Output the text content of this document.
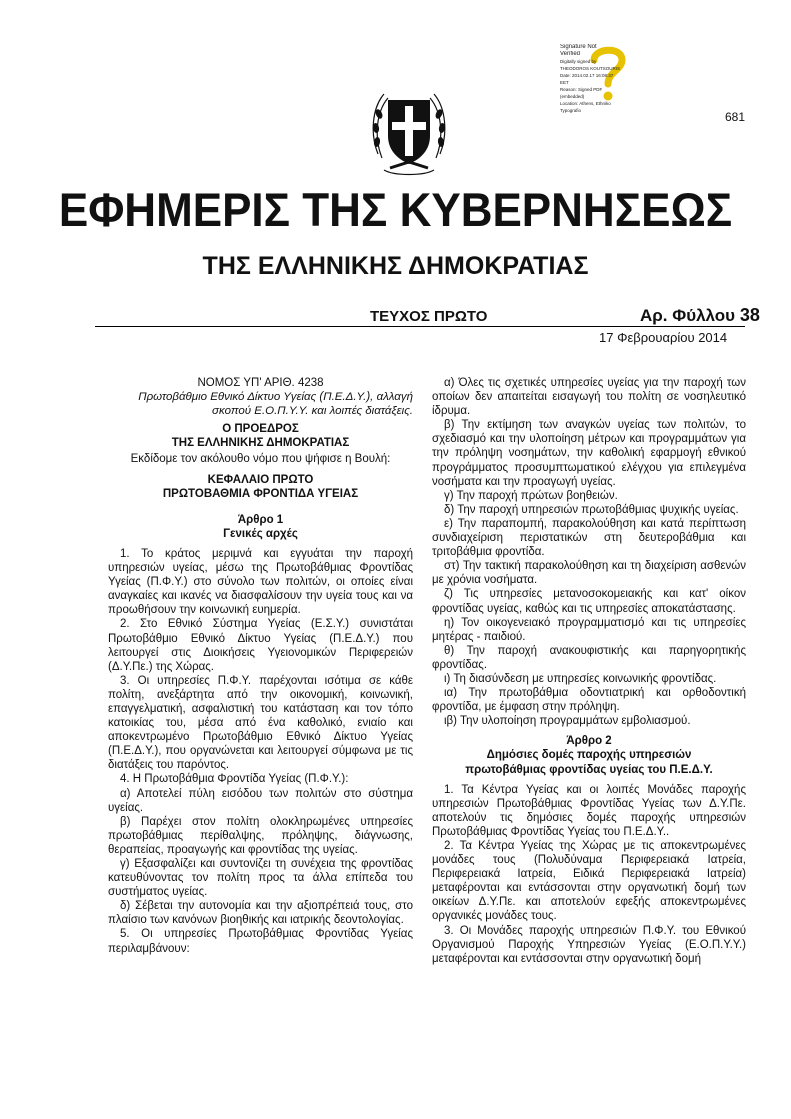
Signature Not
Verified
Digitally signed by
THEODOROS KOUTSOURIS
Date: 2014.02.17 16:08:37
EET
Reason: Signed PDF
(embedded)
Location: Athens, Ethniko
Typografio	681
ΕΦΗΜΕΡΙΣ ΤΗΣ ΚΥΒΕΡΝΗΣΕΩΣ
ΤΗΣ ΕΛΛΗΝΙΚΗΣ ΔΗΜΟΚΡΑΤΙΑΣ
ΤΕΥΧΟΣ ΠΡΩΤΟ	Αρ. Φύλλου 38
17 Φεβρουαρίου 2014

ΝΟΜΟΣ ΥΠ' ΑΡΙΘ. 4238

Πρωτοβάθμιο Εθνικό Δίκτυο Υγείας (Π.Ε.Δ.Υ.), αλλαγή σκοπού Ε.Ο.Π.Υ.Υ. και λοιπές διατάξεις.

Ο ΠΡΟΕΔΡΟΣ

ΤΗΣ ΕΛΛΗΝΙΚΗΣ ΔΗΜΟΚΡΑΤΙΑΣ

Εκδίδομε τον ακόλουθο νόμο που ψήφισε η Βουλή:

ΚΕΦΑΛΑΙΟ ΠΡΩΤΟ

ΠΡΩΤΟΒΑΘΜΙΑ ΦΡΟΝΤΙΔΑ ΥΓΕΙΑΣ

Άρθρο 1

Γενικές αρχές

1. Το κράτος μεριμνά και εγγυάται την παροχή υπηρεσιών υγείας, μέσω της Πρωτοβάθμιας Φροντίδας Υγείας (Π.Φ.Υ.) στο σύνολο των πολιτών, οι οποίες είναι αναγκαίες και ικανές να διασφαλίσουν την υγεία τους και να προωθήσουν την κοινωνική ευημερία.

2. Στο Εθνικό Σύστημα Υγείας (Ε.Σ.Υ.) συνιστάται Πρωτοβάθμιο Εθνικό Δίκτυο Υγείας (Π.Ε.Δ.Υ.) που λειτουργεί στις Διοικήσεις Υγειονομικών Περιφερειών (Δ.Υ.Πε.) της Χώρας.

3. Οι υπηρεσίες Π.Φ.Υ. παρέχονται ισότιμα σε κάθε πολίτη, ανεξάρτητα από την οικονομική, κοινωνική, επαγγελματική, ασφαλιστική του κατάσταση και τον τόπο κατοικίας του, μέσα από ένα καθολικό, ενιαίο και αποκεντρωμένο Πρωτοβάθμιο Εθνικό Δίκτυο Υγείας (Π.Ε.Δ.Υ.), που οργανώνεται και λειτουργεί σύμφωνα με τις διατάξεις του παρόντος.

4. Η Πρωτοβάθμια Φροντίδα Υγείας (Π.Φ.Υ.):

α) Αποτελεί πύλη εισόδου των πολιτών στο σύστημα υγείας.

β) Παρέχει στον πολίτη ολοκληρωμένες υπηρεσίες πρωτοβάθμιας περίθαλψης, πρόληψης, διάγνωσης, θεραπείας, προαγωγής και φροντίδας της υγείας.

γ) Εξασφαλίζει και συντονίζει τη συνέχεια της φροντίδας κατευθύνοντας τον πολίτη προς τα άλλα επίπεδα του συστήματος υγείας.

δ) Σέβεται την αυτονομία και την αξιοπρέπειά τους, στο πλαίσιο των κανόνων βιοηθικής και ιατρικής δεοντολογίας.

5. Οι υπηρεσίες Πρωτοβάθμιας Φροντίδας Υγείας περιλαμβάνουν:

α) Όλες τις σχετικές υπηρεσίες υγείας για την παροχή των οποίων δεν απαιτείται εισαγωγή του πολίτη σε νοσηλευτικό ίδρυμα.

β) Την εκτίμηση των αναγκών υγείας των πολιτών, το σχεδιασμό και την υλοποίηση μέτρων και προγραμμάτων για την πρόληψη νοσημάτων, την καθολική εφαρμογή εθνικού προγράμματος προσυμπτωματικού ελέγχου για επιλεγμένα νοσήματα και την προαγωγή υγείας.

γ) Την παροχή πρώτων βοηθειών.

δ) Την παροχή υπηρεσιών πρωτοβάθμιας ψυχικής υγείας.

ε) Την παραπομπή, παρακολούθηση και κατά περίπτωση συνδιαχείριση περιστατικών στη δευτεροβάθμια και τριτοβάθμια φροντίδα.

στ) Την τακτική παρακολούθηση και τη διαχείριση ασθενών με χρόνια νοσήματα.

ζ) Τις υπηρεσίες μετανοσοκομειακής και κατ' οίκον φροντίδας υγείας, καθώς και τις υπηρεσίες αποκατάστασης.

η) Τον οικογενειακό προγραμματισμό και τις υπηρεσίες μητέρας - παιδιού.

θ) Την παροχή ανακουφιστικής και παρηγορητικής φροντίδας.

ι) Τη διασύνδεση με υπηρεσίες κοινωνικής φροντίδας.

ια) Την πρωτοβάθμια οδοντιατρική και ορθοδοντική φροντίδα, με έμφαση στην πρόληψη.

ιβ) Την υλοποίηση προγραμμάτων εμβολιασμού.

Άρθρο 2

Δημόσιες δομές παροχής υπηρεσιών πρωτοβάθμιας φροντίδας υγείας του Π.Ε.Δ.Υ.

1. Τα Κέντρα Υγείας και οι λοιπές Μονάδες παροχής υπηρεσιών Πρωτοβάθμιας Φροντίδας Υγείας των Δ.Υ.Πε. αποτελούν τις δημόσιες δομές παροχής υπηρεσιών Πρωτοβάθμιας Φροντίδας Υγείας του Π.Ε.Δ.Υ..

2. Τα Κέντρα Υγείας της Χώρας με τις αποκεντρωμένες μονάδες τους (Πολυδύναμα Περιφερειακά Ιατρεία, Περιφερειακά Ιατρεία, Ειδικά Περιφερειακά Ιατρεία) μεταφέρονται και εντάσσονται στην οργανωτική δομή των οικείων Δ.Υ.Πε. και αποτελούν εφεξής αποκεντρωμένες οργανικές μονάδες τους.

3. Οι Μονάδες παροχής υπηρεσιών Π.Φ.Υ. του Εθνικού Οργανισμού Παροχής Υπηρεσιών Υγείας (Ε.Ο.Π.Υ.Υ.) μεταφέρονται και εντάσσονται στην οργανωτική δομή
